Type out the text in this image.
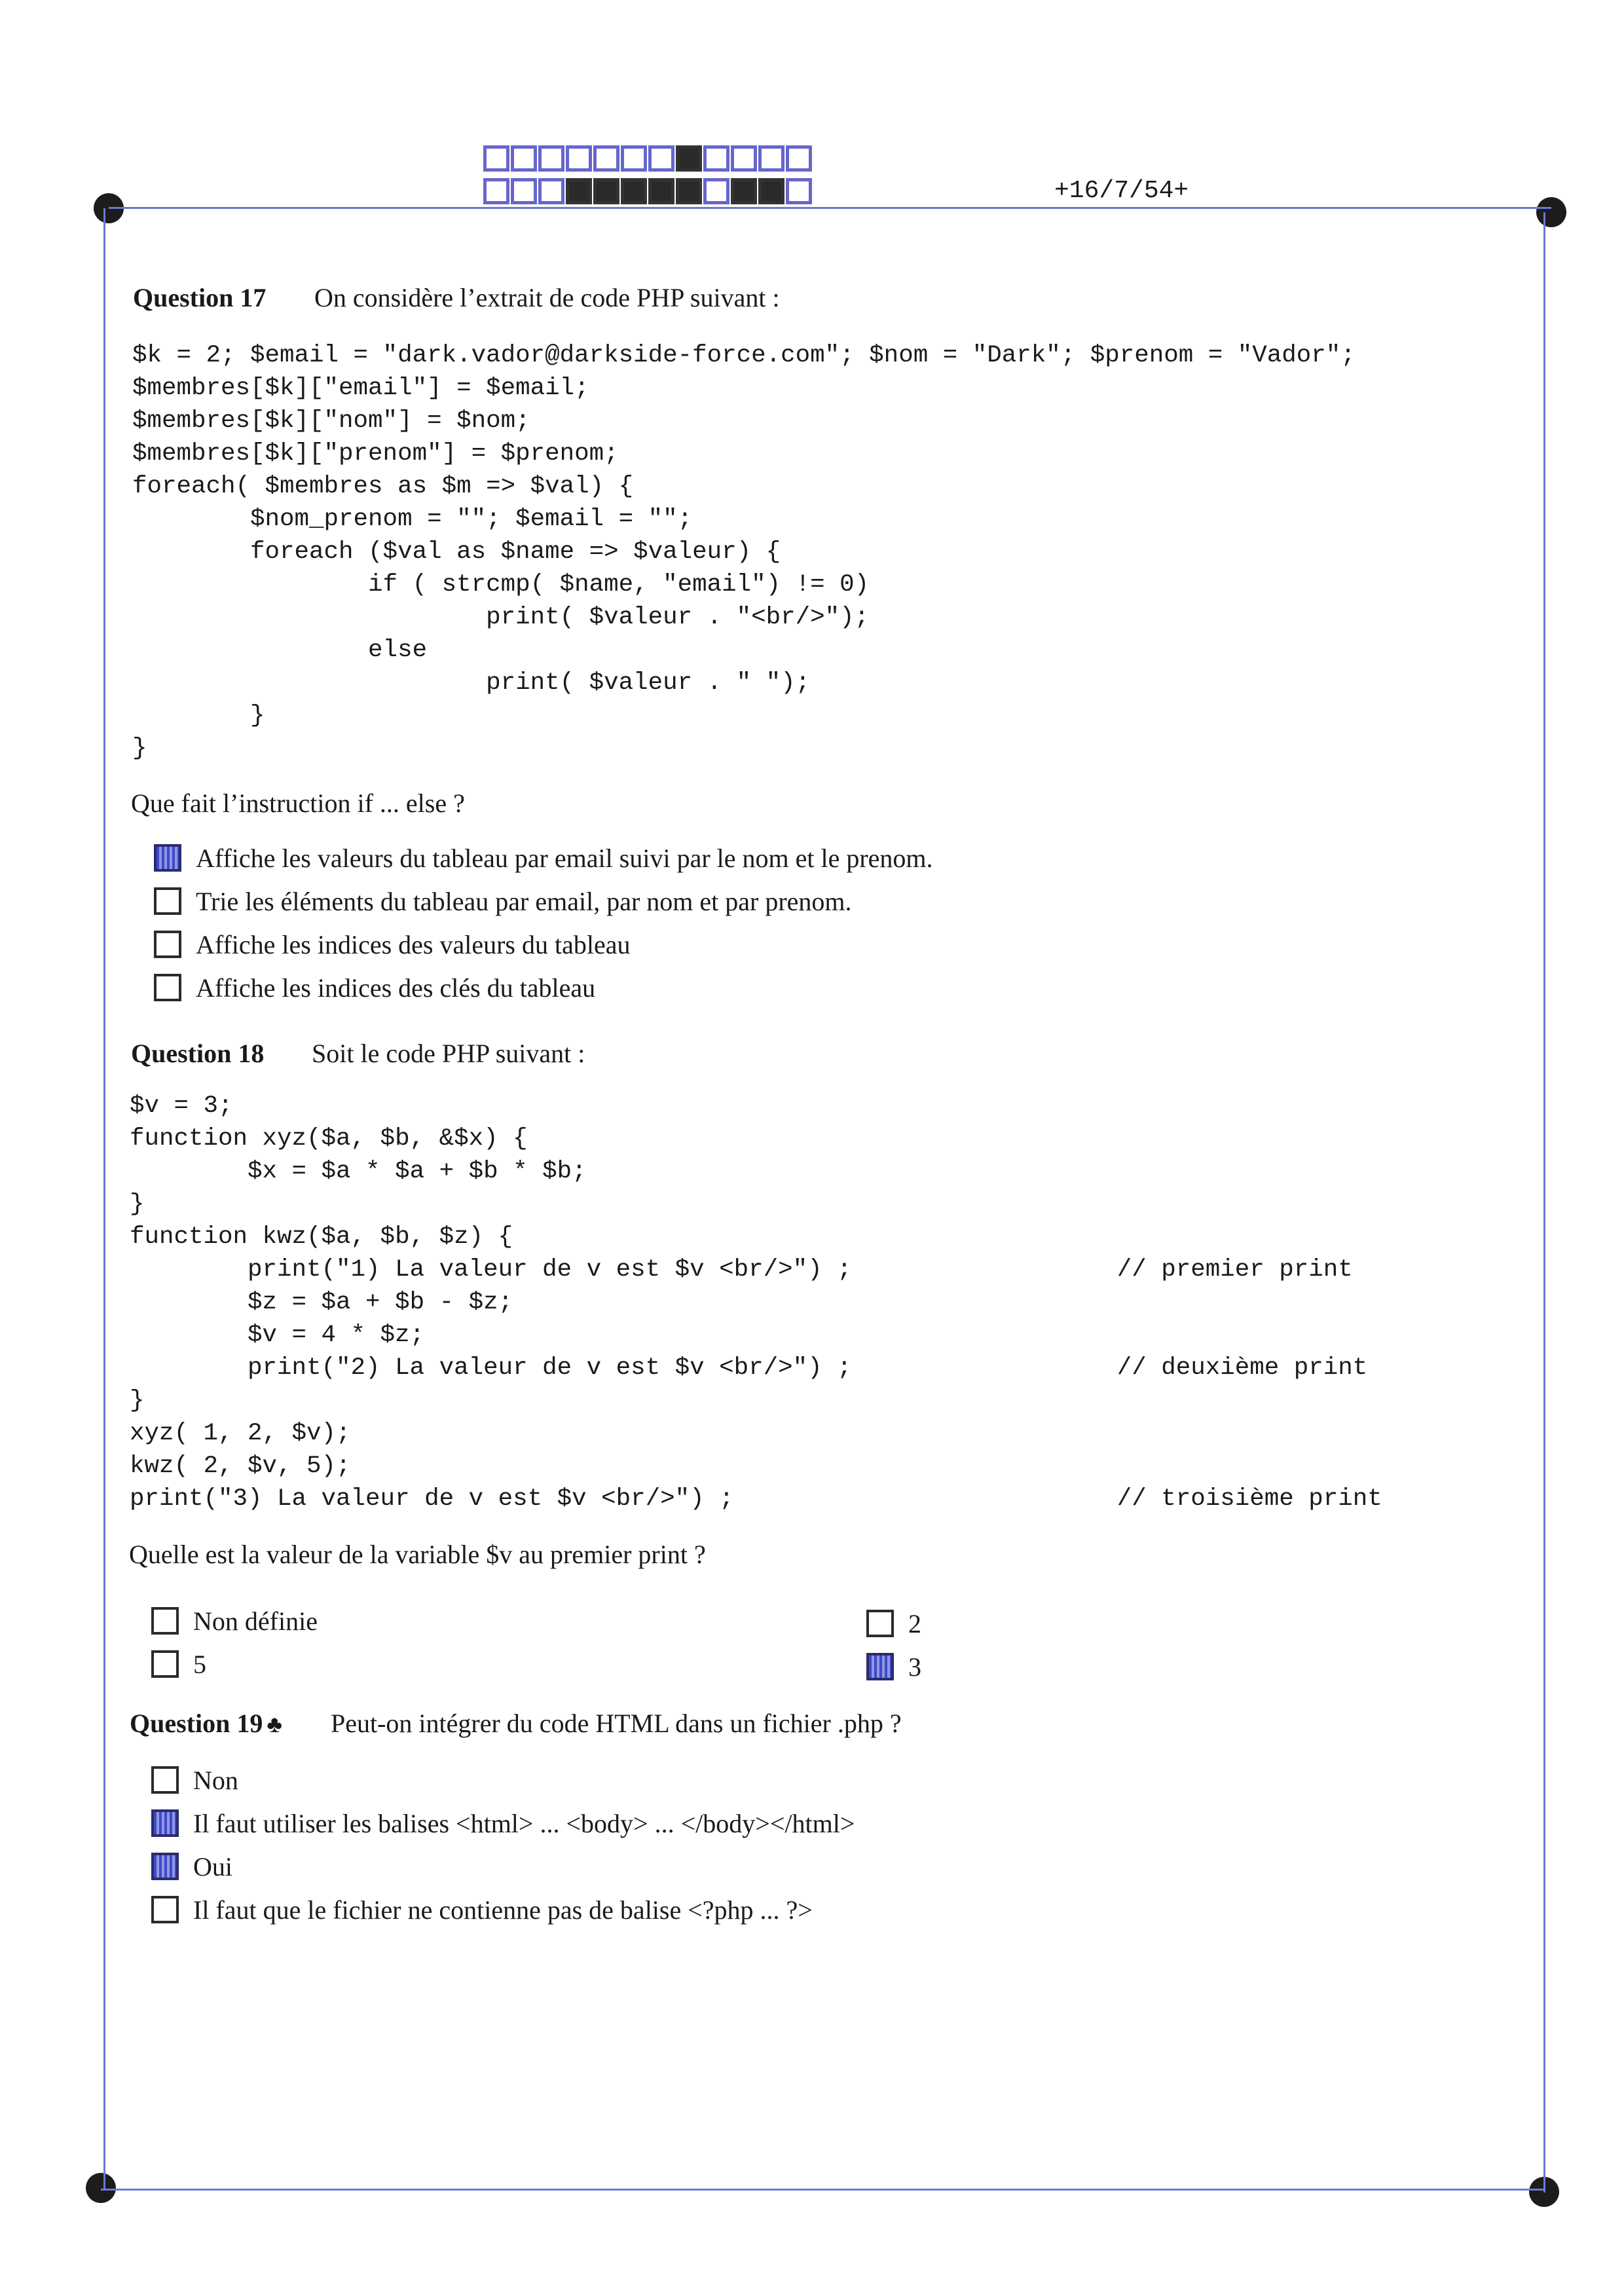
+16/7/54+
Question 17 On considère l’extrait de code PHP suivant :
$k = 2; $email = "dark.vador@darkside-force.com"; $nom = "Dark"; $prenom = "Vador";
$membres[$k]["email"] = $email;
$membres[$k]["nom"] = $nom;
$membres[$k]["prenom"] = $prenom;
foreach( $membres as $m => $val) {
$nom_prenom = ""; $email = "";
foreach ($val as $name => $valeur) {
if ( strcmp( $name, "email") != 0)
print( $valeur . "<br/>");
else
print( $valeur . " ");
}
}
Que fait l’instruction if ... else ?
Affiche les valeurs du tableau par email suivi par le nom et le prenom.
Trie les éléments du tableau par email, par nom et par prenom.
Affiche les indices des valeurs du tableau
Affiche les indices des clés du tableau
Question 18 Soit le code PHP suivant :
$v = 3;
function xyz($a, $b, &$x) {
$x = $a * $a + $b * $b;
}
function kwz($a, $b, $z) {
print("1) La valeur de v est $v <br/>") ;                  // premier print
$z = $a + $b - $z;
$v = 4 * $z;
print("2) La valeur de v est $v <br/>") ;                  // deuxième print
}
xyz( 1, 2, $v);
kwz( 2, $v, 5);
print("3) La valeur de v est $v <br/>") ;                          // troisième print
Quelle est la valeur de la variable $v au premier print ?
Non définie
5
2
3
Question 19 ♣ Peut-on intégrer du code HTML dans un fichier .php ?
Non
Il faut utiliser les balises <html> ... <body> ... </body></html>
Oui
Il faut que le fichier ne contienne pas de balise <?php ... ?>
